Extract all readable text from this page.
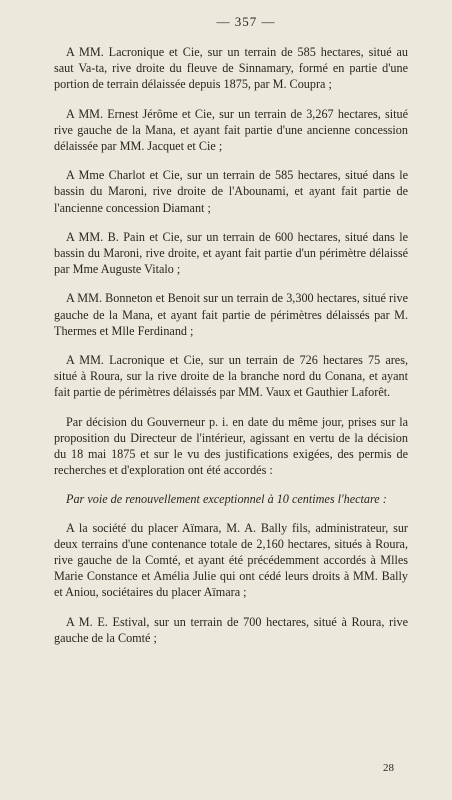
— 357 —

A MM. Lacronique et Cie, sur un terrain de 585 hectares, situé au saut Va-ta, rive droite du fleuve de Sinnamary, formé en partie d'une portion de terrain délaissée depuis 1875, par M. Coupra ;

A MM. Ernest Jérôme et Cie, sur un terrain de 3,267 hectares, situé rive gauche de la Mana, et ayant fait partie d'une ancienne concession délaissée par MM. Jacquet et Cie ;

A Mme Charlot et Cie, sur un terrain de 585 hectares, situé dans le bassin du Maroni, rive droite de l'Abounami, et ayant fait partie de l'ancienne concession Diamant ;

A MM. B. Pain et Cie, sur un terrain de 600 hectares, situé dans le bassin du Maroni, rive droite, et ayant fait partie d'un périmètre délaissé par Mme Auguste Vitalo ;

A MM. Bonneton et Benoit sur un terrain de 3,300 hectares, situé rive gauche de la Mana, et ayant fait partie de périmètres délaissés par M. Thermes et Mlle Ferdinand ;

A MM. Lacronique et Cie, sur un terrain de 726 hectares 75 ares, situé à Roura, sur la rive droite de la branche nord du Conana, et ayant fait partie de périmètres délaissés par MM. Vaux et Gauthier Laforêt.

Par décision du Gouverneur p. i. en date du même jour, prises sur la proposition du Directeur de l'intérieur, agissant en vertu de la décision du 18 mai 1875 et sur le vu des justifications exigées, des permis de recherches et d'exploration ont été accordés :

Par voie de renouvellement exceptionnel à 10 centimes l'hectare :

A la société du placer Aïmara, M. A. Bally fils, administrateur, sur deux terrains d'une contenance totale de 2,160 hectares, situés à Roura, rive gauche de la Comté, et ayant été précédemment accordés à Mlles Marie Constance et Amélia Julie qui ont cédé leurs droits à MM. Bally et Aniou, sociétaires du placer Aïmara ;

A M. E. Estival, sur un terrain de 700 hectares, situé à Roura, rive gauche de la Comté ;

28
